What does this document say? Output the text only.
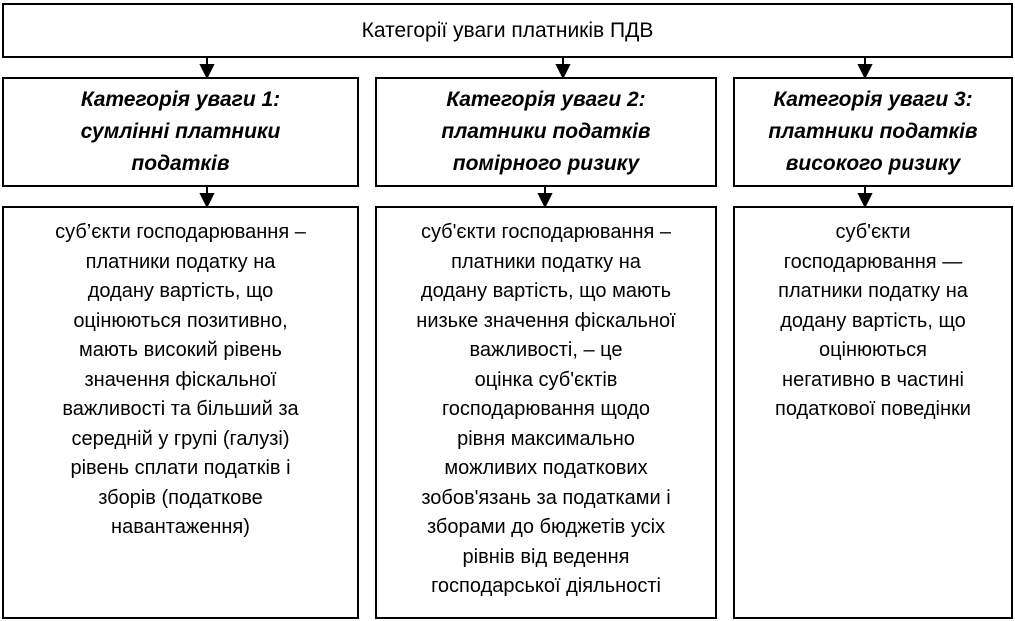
Категорії уваги платників ПДВ
Категорія уваги 1:
сумлінні платники
податків
Категорія уваги 2:
платники податків
помірного ризику
Категорія уваги 3:
платники податків
високого ризику
суб’єкти господарювання –
платники податку на
додану вартість, що
оцінюються позитивно,
мають високий рівень
значення фіскальної
важливості та більший за
середній у групі (галузі)
рівень сплати податків і
зборів (податкове
навантаження)
суб'єкти господарювання –
платники податку на
додану вартість, що мають
низьке значення фіскальної
важливості, – це
оцінка суб'єктів
господарювання щодо
рівня максимально
можливих податкових
зобов'язань за податками і
зборами до бюджетів усіх
рівнів від ведення
господарської діяльності
суб'єкти
господарювання —
платники податку на
додану вартість, що
оцінюються
негативно в частині
податкової поведінки
